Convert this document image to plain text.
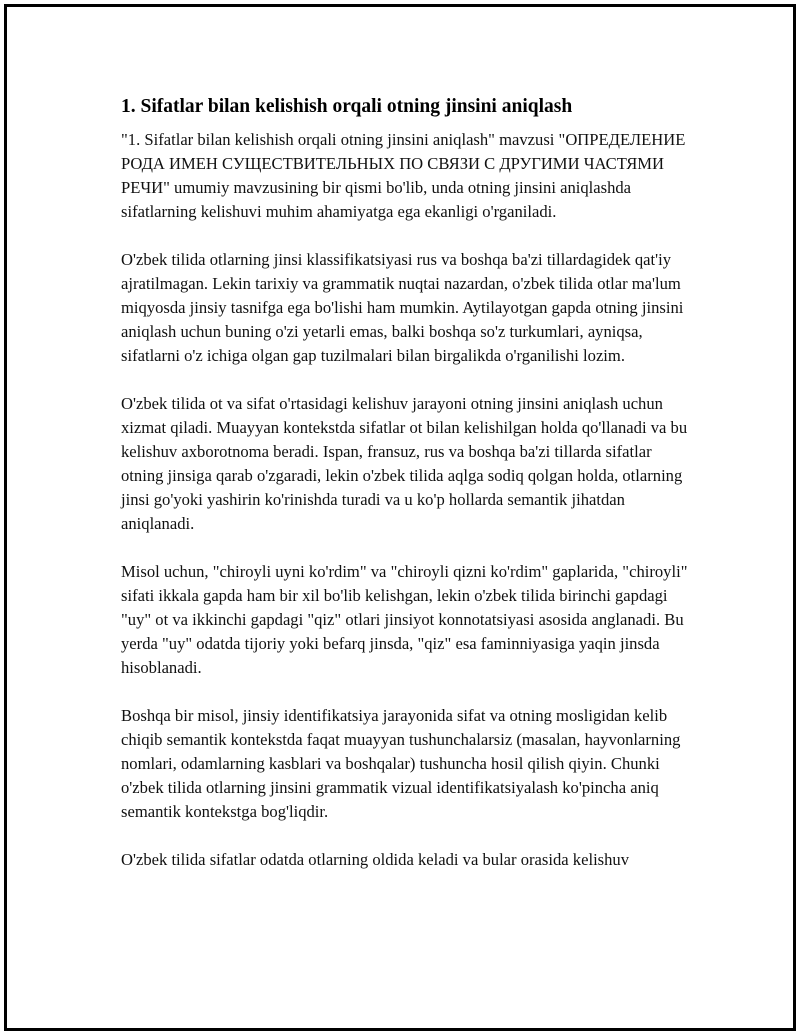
1. Sifatlar bilan kelishish orqali otning jinsini aniqlash

"1. Sifatlar bilan kelishish orqali otning jinsini aniqlash" mavzusi "ОПРЕДЕЛЕНИЕ РОДА ИМЕН СУЩЕСТВИТЕЛЬНЫХ ПО СВЯЗИ С ДРУГИМИ ЧАСТЯМИ РЕЧИ" umumiy mavzusining bir qismi bo'lib, unda otning jinsini aniqlashda sifatlarning kelishuvi muhim ahamiyatga ega ekanligi o'rganiladi.

O'zbek tilida otlarning jinsi klassifikatsiyasi rus va boshqa ba'zi tillardagidek qat'iy ajratilmagan. Lekin tarixiy va grammatik nuqtai nazardan, o'zbek tilida otlar ma'lum miqyosda jinsiy tasnifga ega bo'lishi ham mumkin. Aytilayotgan gapda otning jinsini aniqlash uchun buning o'zi yetarli emas, balki boshqa so'z turkumlari, ayniqsa, sifatlarni o'z ichiga olgan gap tuzilmalari bilan birgalikda o'rganilishi lozim.

O'zbek tilida ot va sifat o'rtasidagi kelishuv jarayoni otning jinsini aniqlash uchun xizmat qiladi. Muayyan kontekstda sifatlar ot bilan kelishilgan holda qo'llanadi va bu kelishuv axborotnoma beradi. Ispan, fransuz, rus va boshqa ba'zi tillarda sifatlar otning jinsiga qarab o'zgaradi, lekin o'zbek tilida aqlga sodiq qolgan holda, otlarning jinsi go'yoki yashirin ko'rinishda turadi va u ko'p hollarda semantik jihatdan aniqlanadi.

Misol uchun, "chiroyli uyni ko'rdim" va "chiroyli qizni ko'rdim" gaplarida, "chiroyli" sifati ikkala gapda ham bir xil bo'lib kelishgan, lekin o'zbek tilida birinchi gapdagi "uy" ot va ikkinchi gapdagi "qiz" otlari jinsiyot konnotatsiyasi asosida anglanadi. Bu yerda "uy" odatda tijoriy yoki befarq jinsda, "qiz" esa faminniyasiga yaqin jinsda hisoblanadi.

Boshqa bir misol, jinsiy identifikatsiya jarayonida sifat va otning mosligidan kelib chiqib semantik kontekstda faqat muayyan tushunchalarsiz (masalan, hayvonlarning nomlari, odamlarning kasblari va boshqalar) tushuncha hosil qilish qiyin. Chunki o'zbek tilida otlarning jinsini grammatik vizual identifikatsiyalash ko'pincha aniq semantik kontekstga bog'liqdir.

O'zbek tilida sifatlar odatda otlarning oldida keladi va bular orasida kelishuv
